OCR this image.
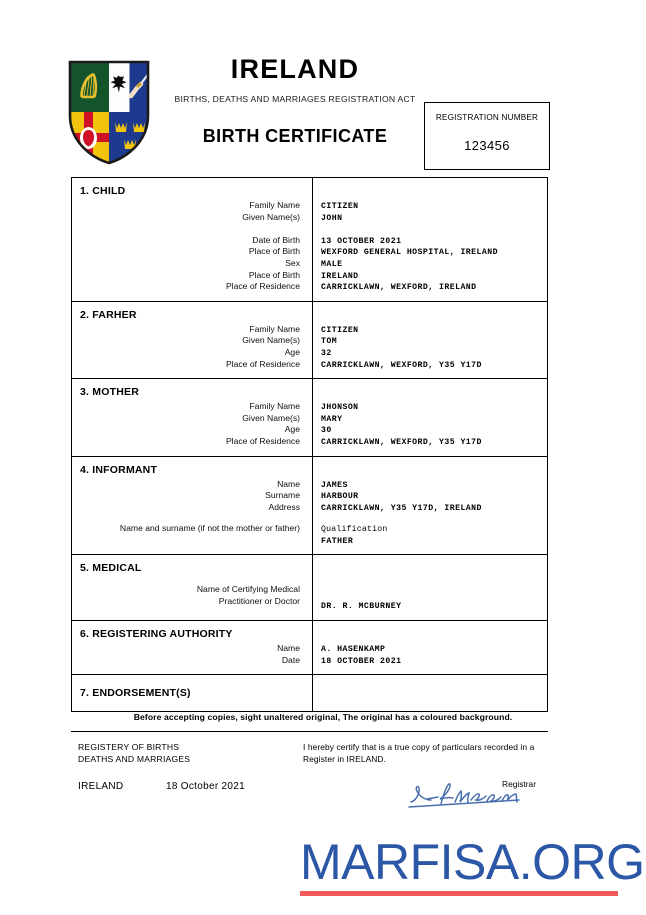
IRELAND
BIRTHS, DEATHS AND MARRIAGES REGISTRATION ACT
BIRTH CERTIFICATE
REGISTRATION NUMBER
123456
1. CHILD
Family Name
Given Name(s)
Date of Birth
Place of Birth
Sex
Place of Birth
Place of Residence
CITIZEN
JOHN
13 OCTOBER 2021
WEXFORD GENERAL HOSPITAL, IRELAND
MALE
IRELAND
CARRICKLAWN, WEXFORD, IRELAND
2. FARHER
Family Name
Given Name(s)
Age
Place of Residence
CITIZEN
TOM
32
CARRICKLAWN, WEXFORD, Y35 Y17D
3. MOTHER
Family Name
Given Name(s)
Age
Place of Residence
JHONSON
MARY
30
CARRICKLAWN, WEXFORD, Y35 Y17D
4. INFORMANT
Name
Surname
Address
Name and surname (if not the mother or father)
JAMES
HARBOUR
CARRICKLAWN, Y35 Y17D, IRELAND
Qualification
FATHER
5. MEDICAL
Name of Certifying Medical
Practitioner or Doctor
DR. R. MCBURNEY
6. REGISTERING AUTHORITY
Name
Date
A. HASENKAMP
18 OCTOBER 2021
7. ENDORSEMENT(S)
Before accepting copies, sight unaltered original, The original has a coloured background.
REGISTERY OF BIRTHS
DEATHS AND MARRIAGES
IRELAND	18 October 2021
I hereby certify that is a true copy of particulars recorded in a
Register in IRELAND.
Registrar
MARFISA.ORG
